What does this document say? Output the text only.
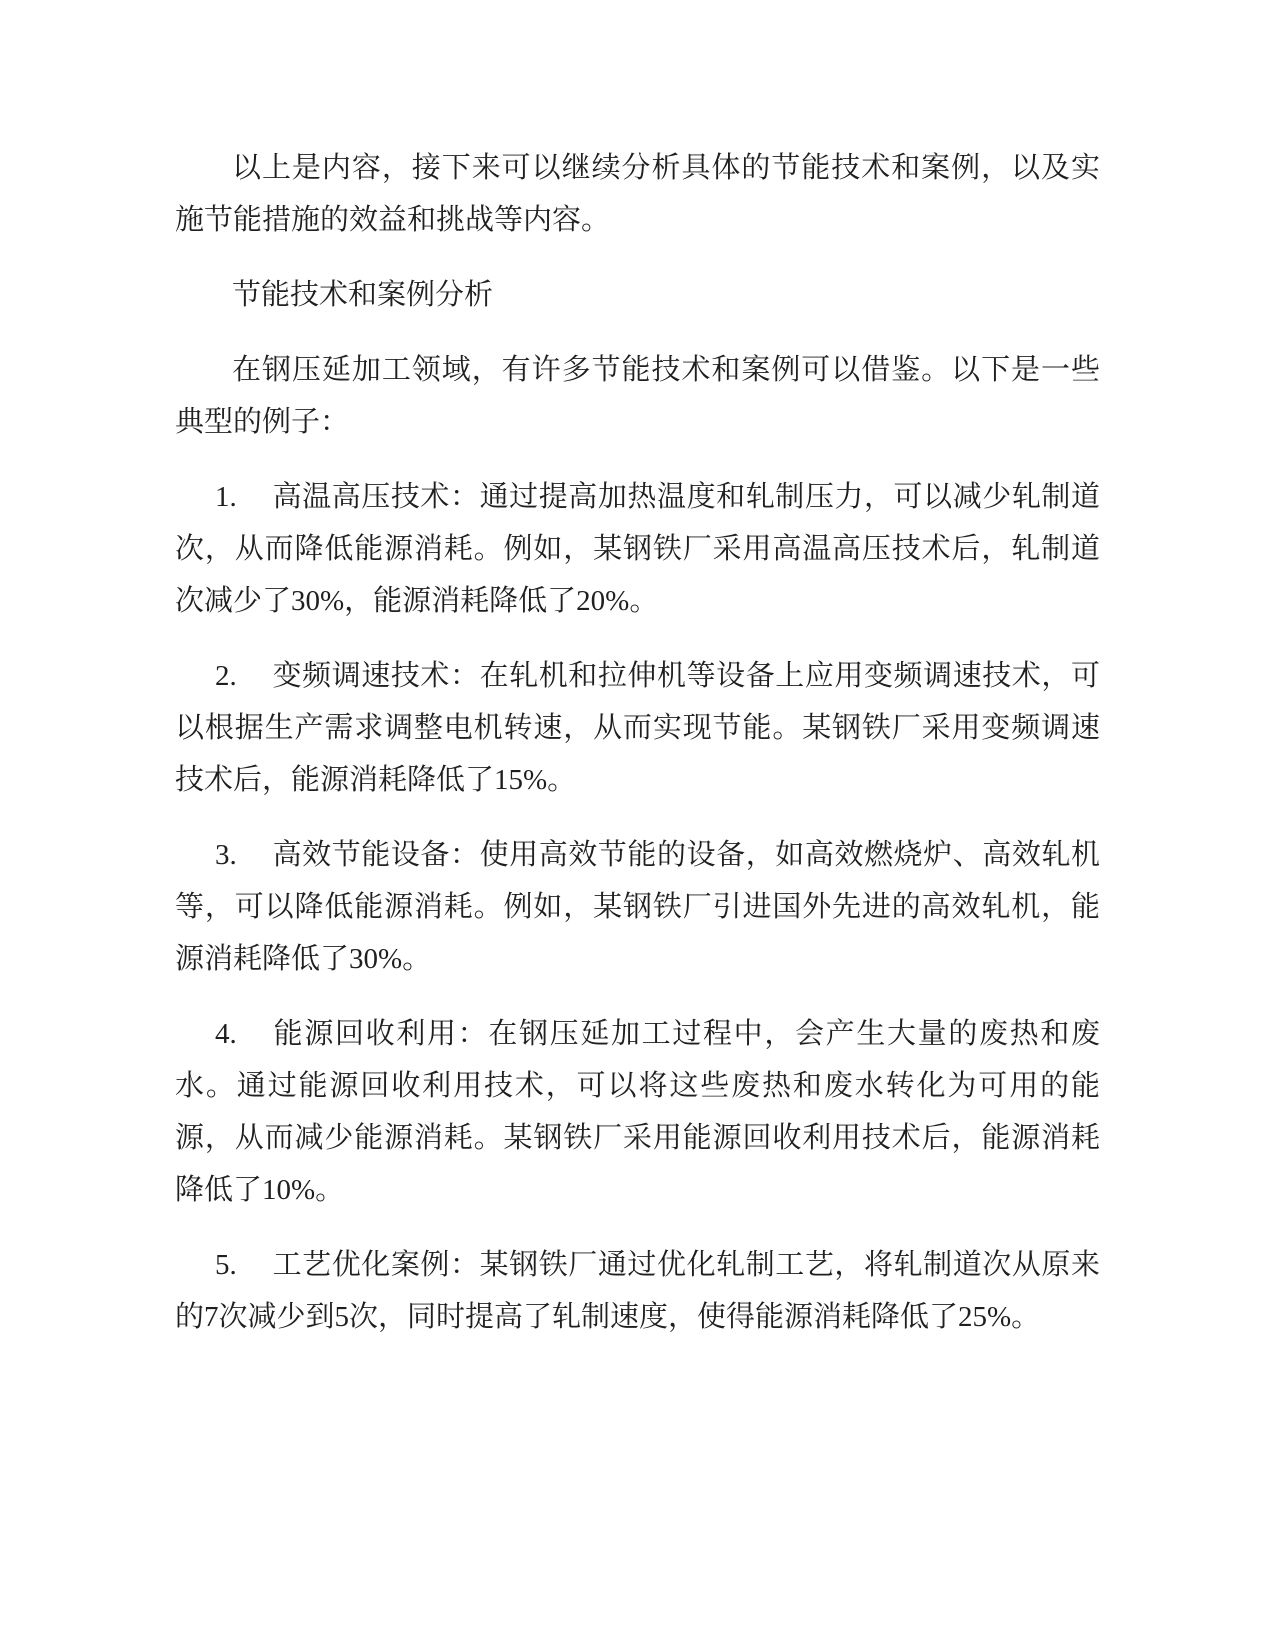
以上是内容，接下来可以继续分析具体的节能技术和案例，以及实施节能措施的效益和挑战等内容。

节能技术和案例分析

在钢压延加工领域，有许多节能技术和案例可以借鉴。以下是一些典型的例子：

1. 高温高压技术：通过提高加热温度和轧制压力，可以减少轧制道次，从而降低能源消耗。例如，某钢铁厂采用高温高压技术后，轧制道次减少了30%，能源消耗降低了20%。

2. 变频调速技术：在轧机和拉伸机等设备上应用变频调速技术，可以根据生产需求调整电机转速，从而实现节能。某钢铁厂采用变频调速技术后，能源消耗降低了15%。

3. 高效节能设备：使用高效节能的设备，如高效燃烧炉、高效轧机等，可以降低能源消耗。例如，某钢铁厂引进国外先进的高效轧机，能源消耗降低了30%。

4. 能源回收利用：在钢压延加工过程中，会产生大量的废热和废水。通过能源回收利用技术，可以将这些废热和废水转化为可用的能源，从而减少能源消耗。某钢铁厂采用能源回收利用技术后，能源消耗降低了10%。

5. 工艺优化案例：某钢铁厂通过优化轧制工艺，将轧制道次从原来的7次减少到5次，同时提高了轧制速度，使得能源消耗降低了25%。
